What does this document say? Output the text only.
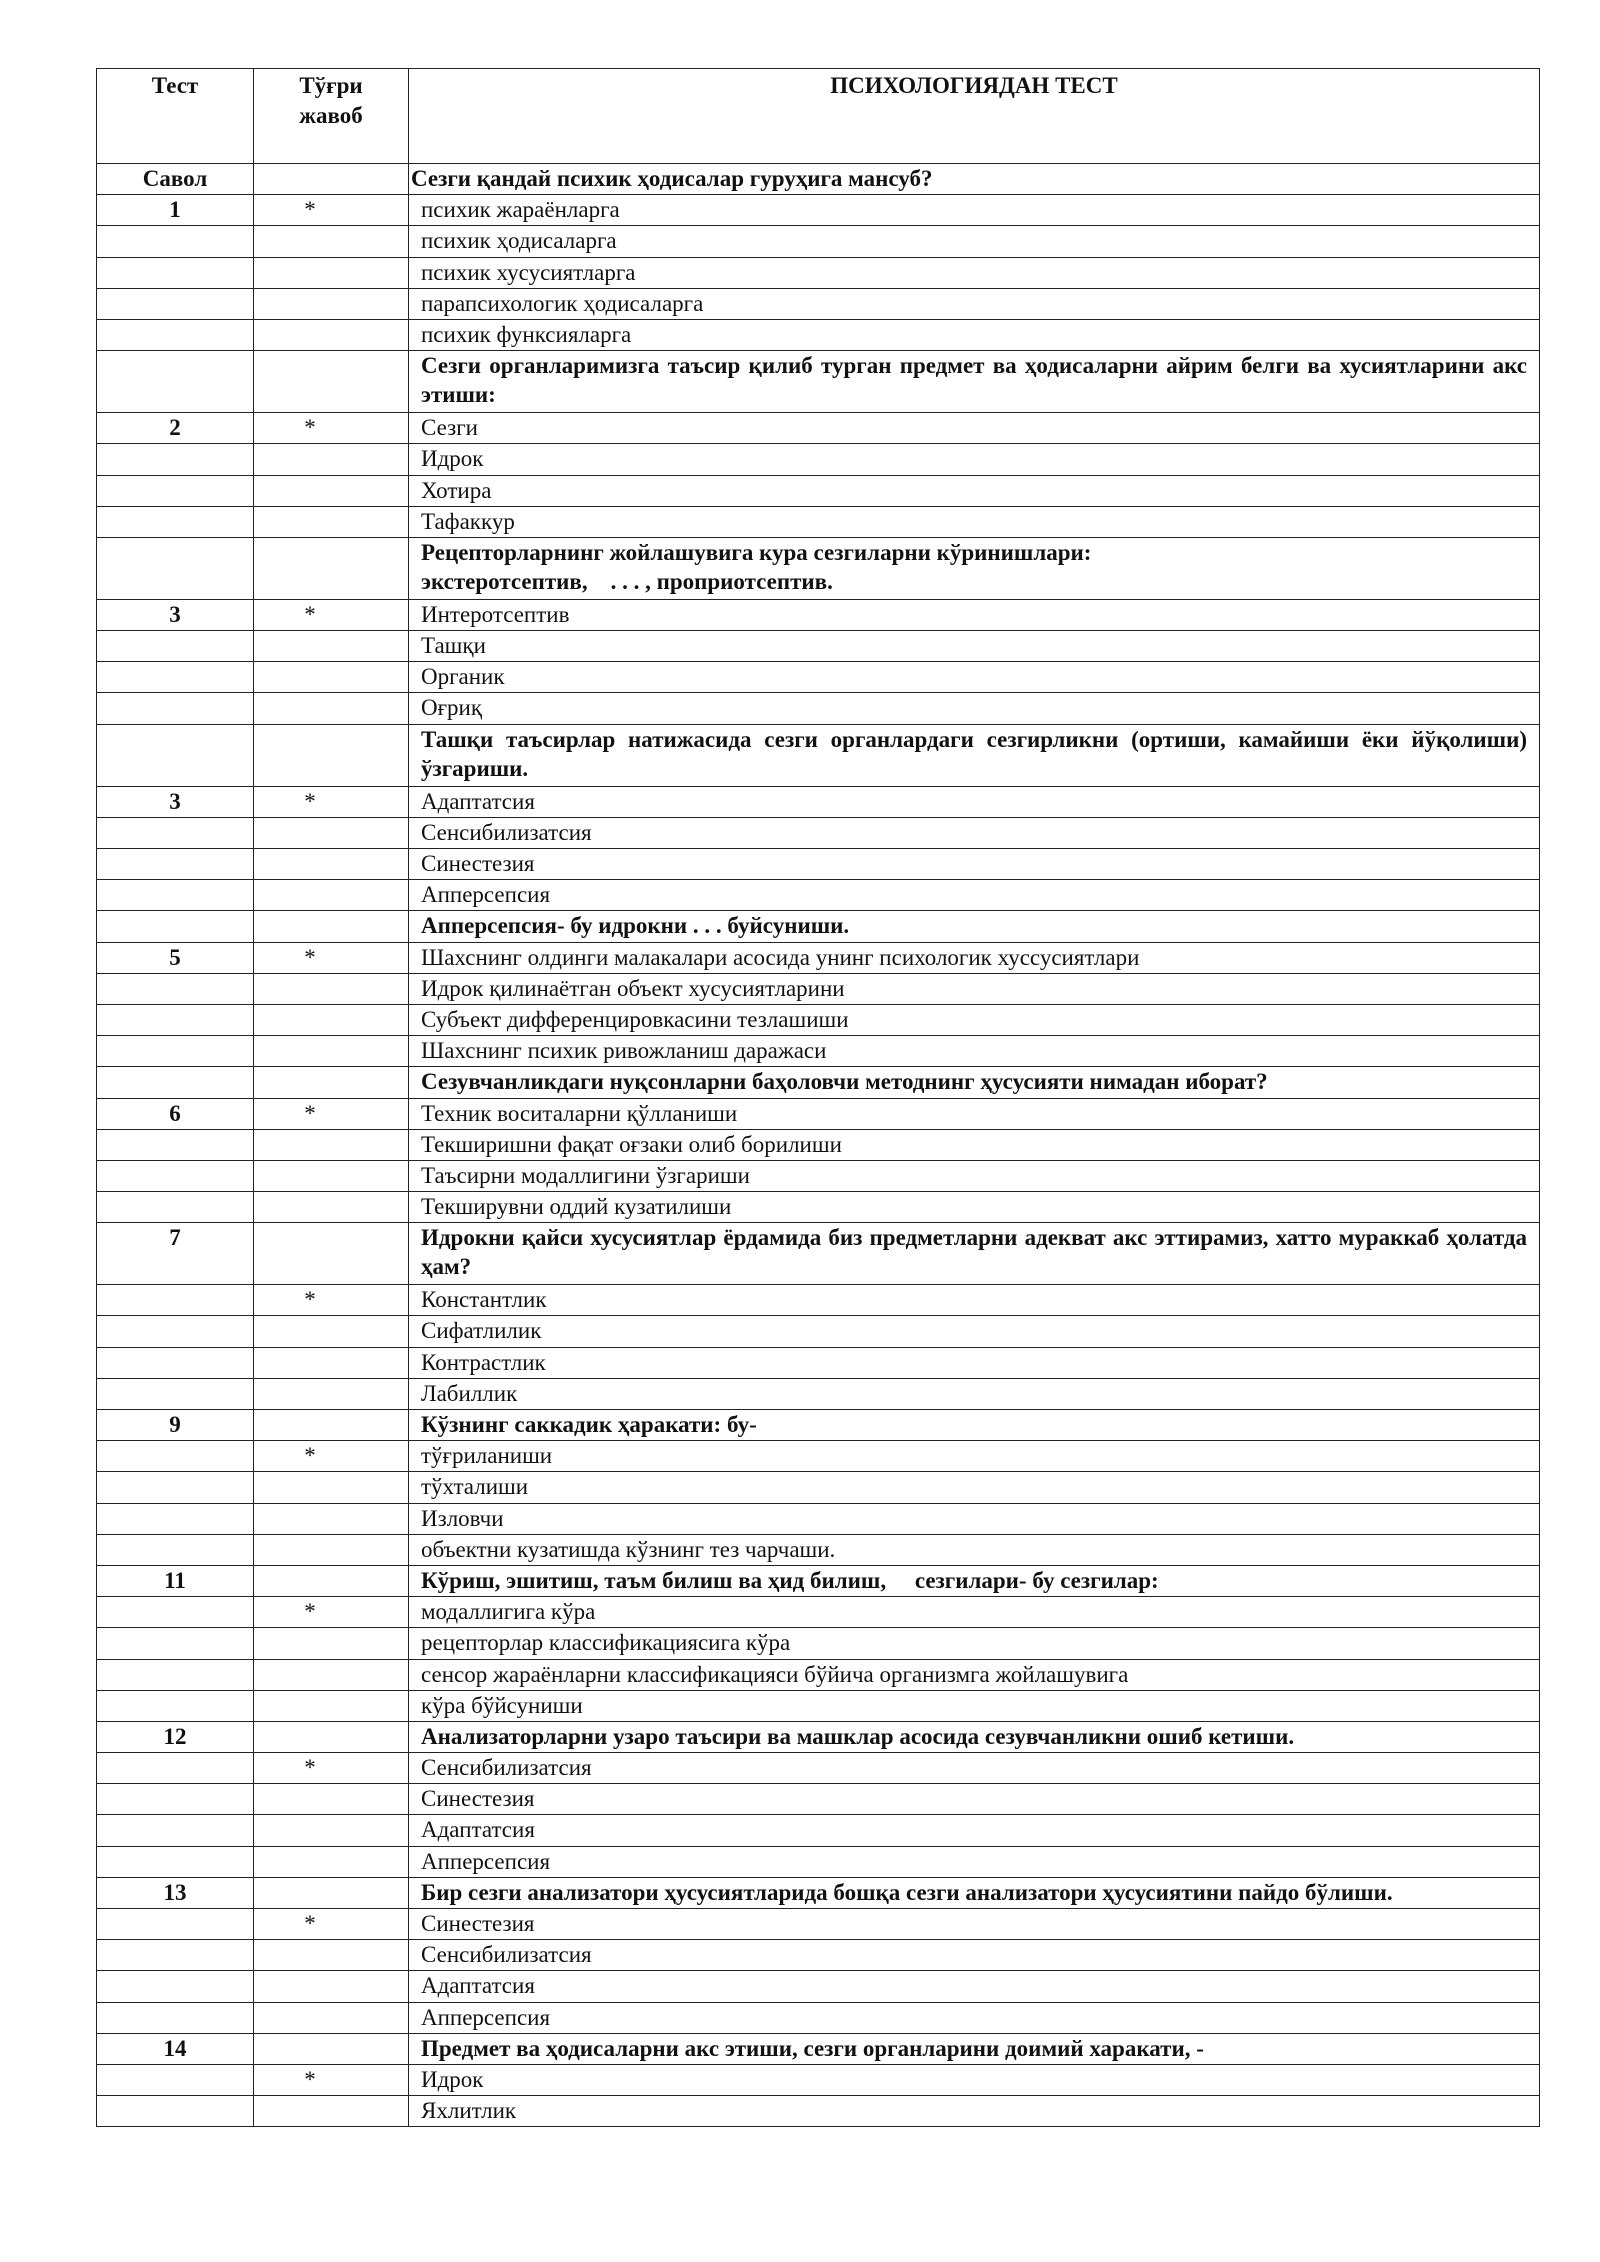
Тест	Тўғри жавоб	ПСИХОЛОГИЯДАН ТЕСТ
Савол		Сезги қандай психик ҳодисалар гуруҳига мансуб?
1	*	психик жараёнларга
		психик ҳодисаларга
		психик хусусиятларга
		парапсихологик ҳодисаларга
		психик функсияларга
		Сезги органларимизга таъсир қилиб турган предмет ва ҳодисаларни айрим белги ва хусиятларини акс этиши:
2	*	Сезги
		Идрок
		Хотира
		Тафаккур
		Рецепторларнинг жойлашувига кура сезгиларни кўринишлари:
экстеротсептив,    . . . , проприотсептив.
3	*	Интеротсептив
		Ташқи
		Органик
		Оғриқ
		Ташқи таъсирлар натижасида сезги органлардаги сезгирликни (ортиши, камайиши ёки йўқолиши) ўзгариши.
3	*	Адаптатсия
		Сенсибилизатсия
		Синестезия
		Апперсепсия
		Апперсепсия- бу идрокни . . . буйсуниши.
5	*	Шахснинг олдинги малакалари асосида унинг психологик хуссусиятлари
		Идрок қилинаётган объект хусусиятларини
		Субъект дифференцировкасини тезлашиши
		Шахснинг психик ривожланиш даражаси
		Сезувчанликдаги нуқсонларни баҳоловчи методнинг ҳусусияти нимадан иборат?
6	*	Техник воситаларни қўлланиши
		Текширишни фақат оғзаки олиб борилиши
		Таъсирни модаллигини ўзгариши
		Текширувни оддий кузатилиши
7		Идрокни қайси хусусиятлар ёрдамида биз предметларни адекват акс эттирамиз, хатто мураккаб ҳолатда ҳам?
	*	Константлик
		Сифатлилик
		Контрастлик
		Лабиллик
9		Кўзнинг саккадик ҳаракати: бу-
	*	тўғриланиши
		тўхталиши
		Изловчи
		объектни кузатишда кўзнинг тез чарчаши.
11		Кўриш, эшитиш, таъм билиш ва ҳид билиш,     сезгилари- бу сезгилар:
	*	модаллигига кўра
		рецепторлар классификациясига кўра
		сенсор жараёнларни классификацияси бўйича организмга жойлашувига
		кўра бўйсуниши
12		Анализаторларни узаро таъсири ва машклар асосида сезувчанликни ошиб кетиши.
	*	Сенсибилизатсия
		Синестезия
		Адаптатсия
		Апперсепсия
13		Бир сезги анализатори ҳусусиятларида бошқа сезги анализатори ҳусусиятини пайдо бўлиши.
	*	Синестезия
		Сенсибилизатсия
		Адаптатсия
		Апперсепсия
14		Предмет ва ҳодисаларни акс этиши, сезги органларини доимий харакати, -
	*	Идрок
		Яхлитлик
